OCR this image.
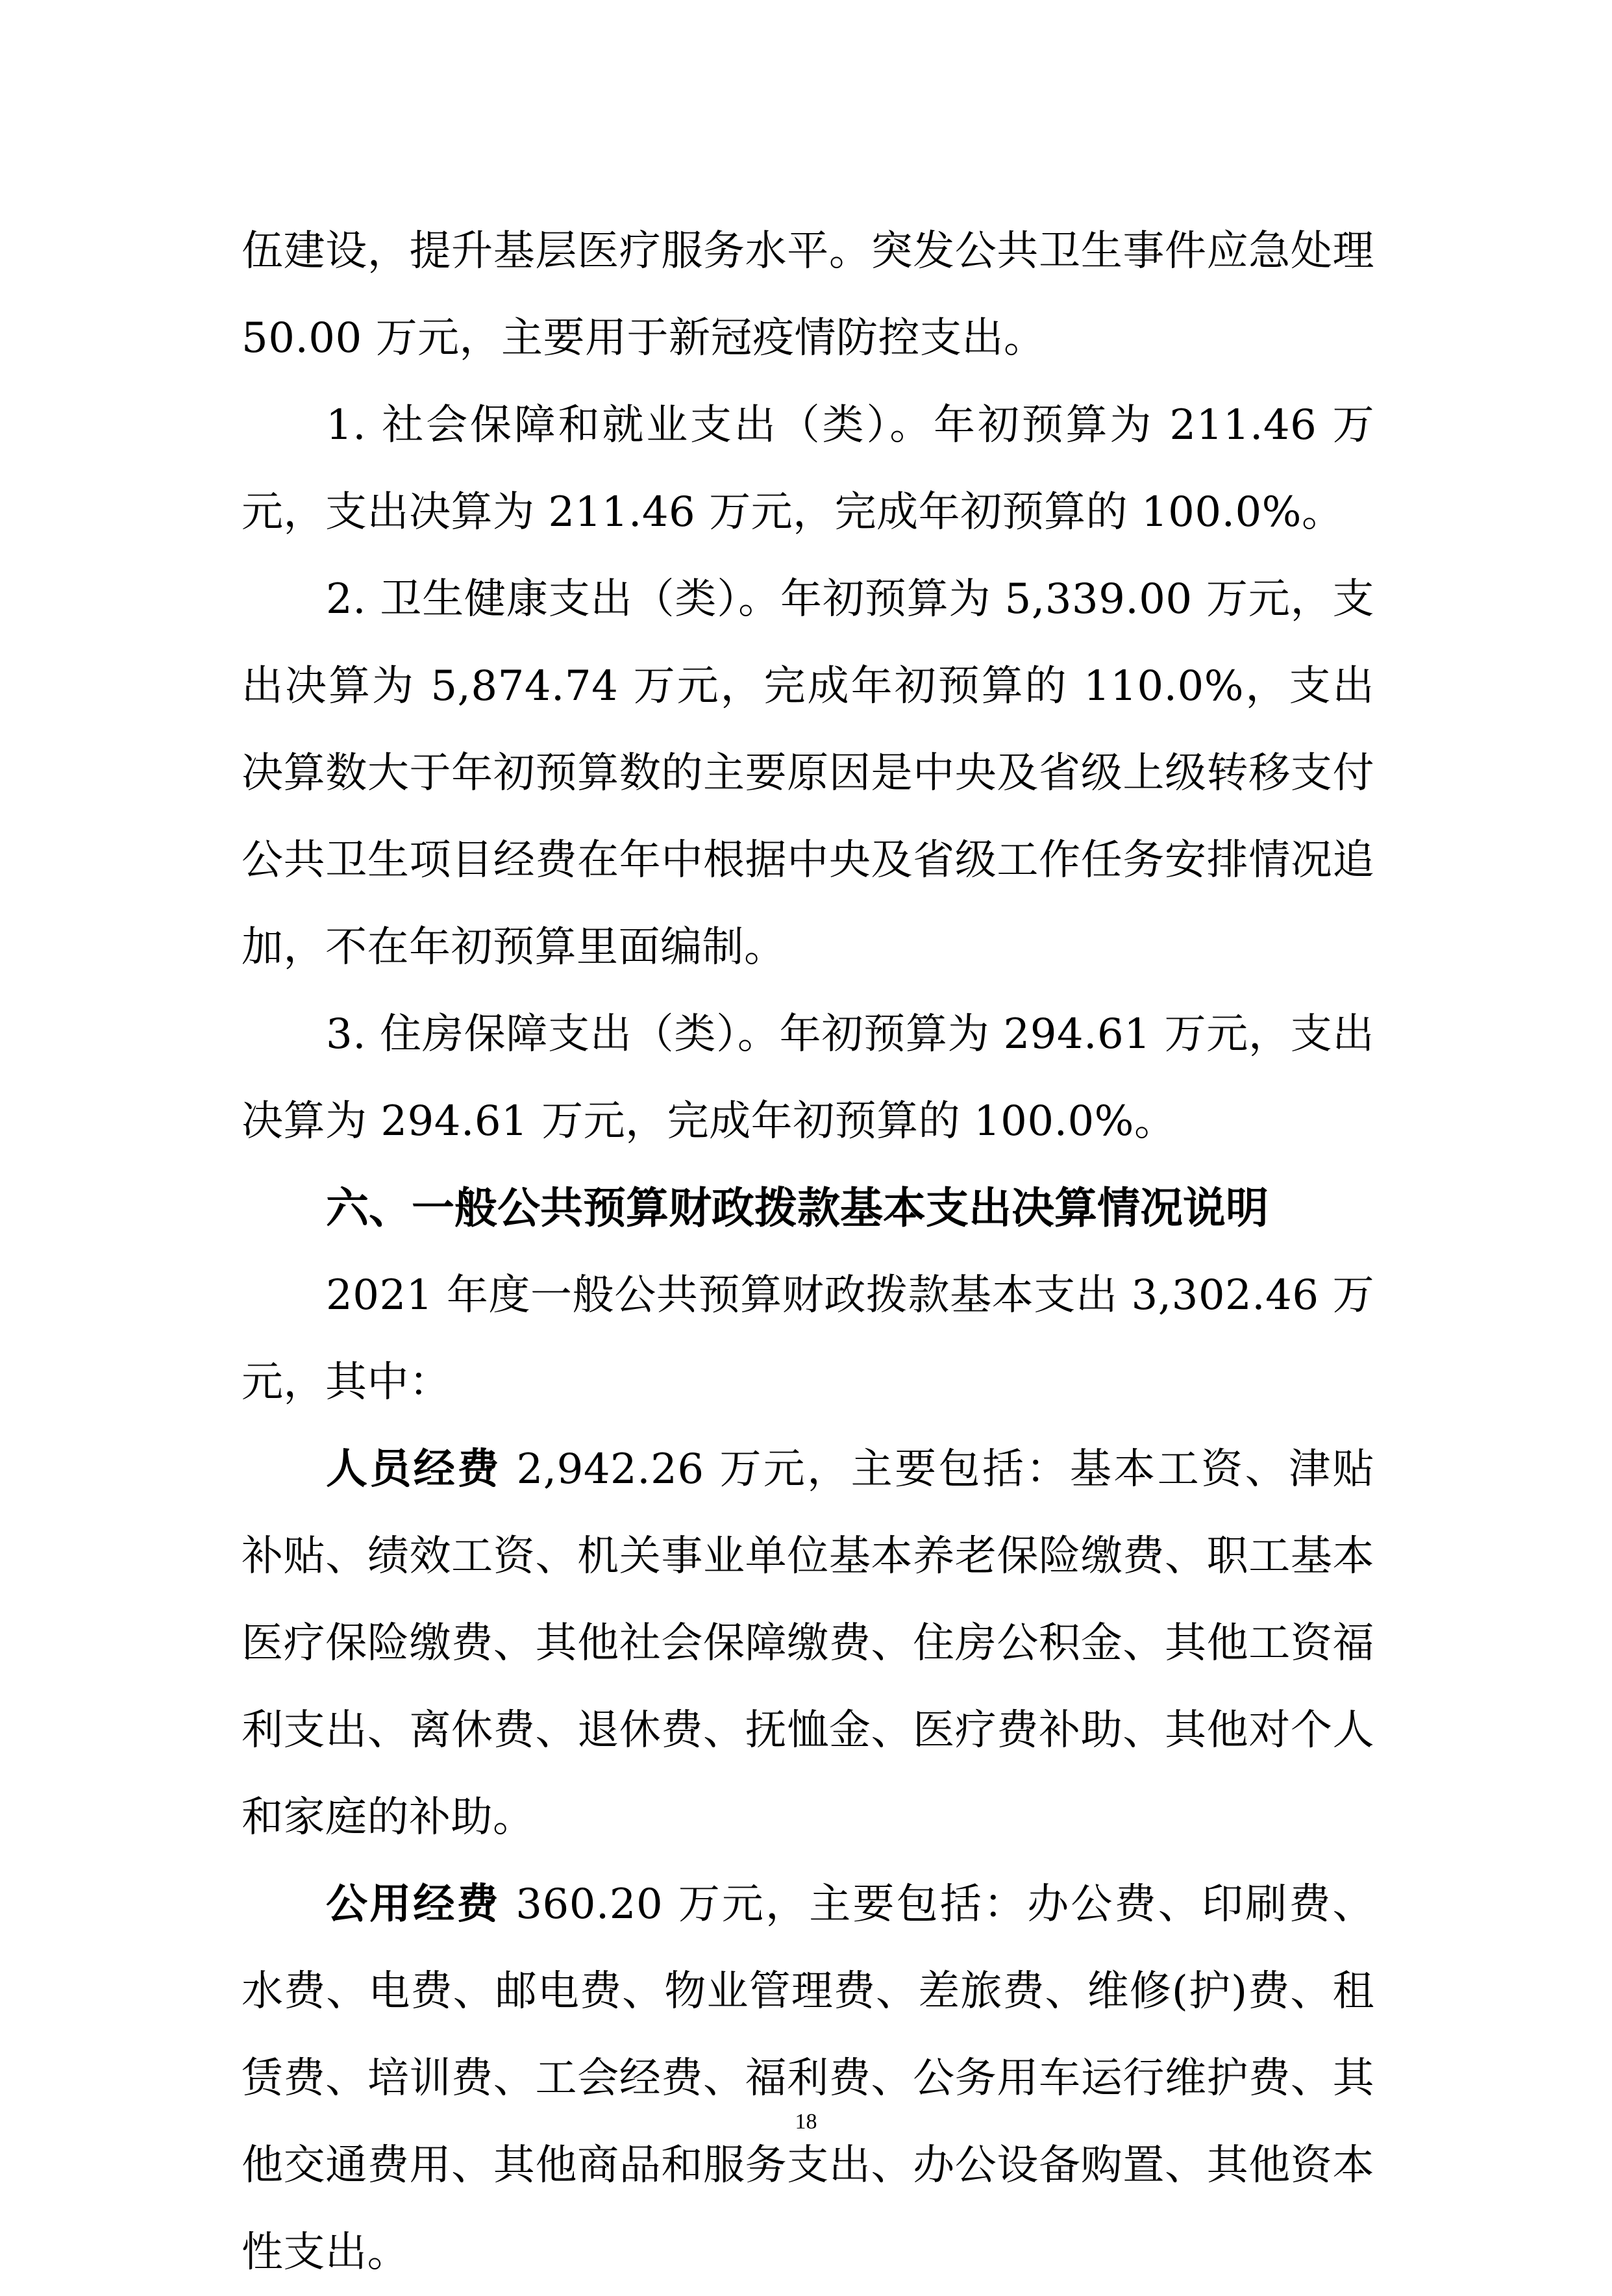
伍建设，提升基层医疗服务水平。突发公共卫生事件应急处理 50.00 万元，主要用于新冠疫情防控支出。

1. 社会保障和就业支出（类）。年初预算为 211.46 万元，支出决算为 211.46 万元，完成年初预算的 100.0%。

2. 卫生健康支出（类）。年初预算为 5,339.00 万元，支出决算为 5,874.74 万元，完成年初预算的 110.0%，支出决算数大于年初预算数的主要原因是中央及省级上级转移支付公共卫生项目经费在年中根据中央及省级工作任务安排情况追加，不在年初预算里面编制。

3. 住房保障支出（类）。年初预算为 294.61 万元，支出决算为 294.61 万元，完成年初预算的 100.0%。

六、一般公共预算财政拨款基本支出决算情况说明

2021 年度一般公共预算财政拨款基本支出 3,302.46 万元，其中：

人员经费 2,942.26 万元，主要包括：基本工资、津贴补贴、绩效工资、机关事业单位基本养老保险缴费、职工基本医疗保险缴费、其他社会保障缴费、住房公积金、其他工资福利支出、离休费、退休费、抚恤金、医疗费补助、其他对个人和家庭的补助。

公用经费 360.20 万元，主要包括：办公费、印刷费、水费、电费、邮电费、物业管理费、差旅费、维修(护)费、租赁费、培训费、工会经费、福利费、公务用车运行维护费、其他交通费用、其他商品和服务支出、办公设备购置、其他资本性支出。

18
